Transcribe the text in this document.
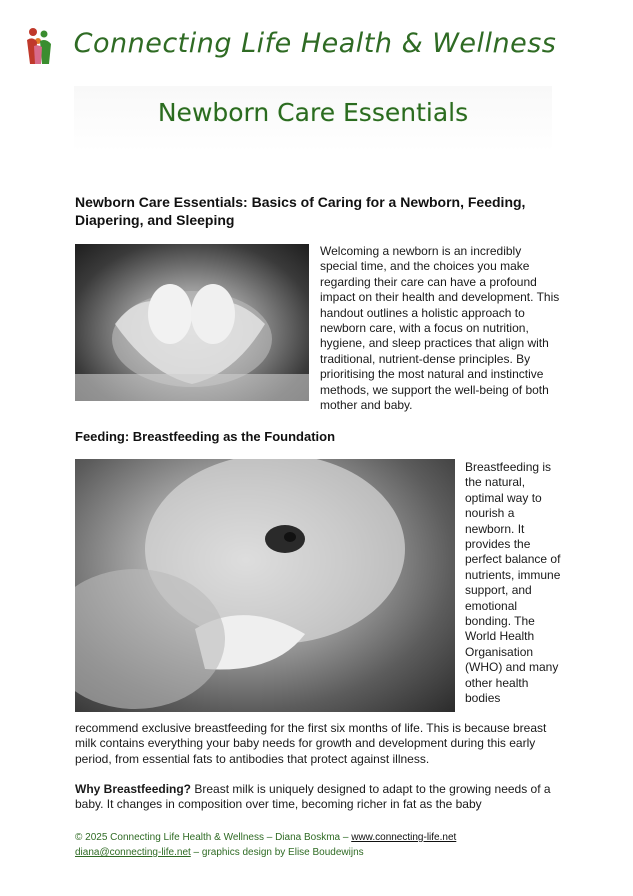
Connecting Life Health & Wellness
Newborn Care Essentials
Newborn Care Essentials: Basics of Caring for a Newborn, Feeding, Diapering, and Sleeping

Welcoming a newborn is an incredibly special time, and the choices you make regarding their care can have a profound impact on their health and development. This handout outlines a holistic approach to newborn care, with a focus on nutrition, hygiene, and sleep practices that align with traditional, nutrient-dense principles. By prioritising the most natural and instinctive methods, we support the well-being of both mother and baby.

Feeding: Breastfeeding as the Foundation

Breastfeeding is the natural, optimal way to nourish a newborn. It provides the perfect balance of nutrients, immune support, and emotional bonding. The World Health Organisation (WHO) and many other health bodies

recommend exclusive breastfeeding for the first six months of life. This is because breast milk contains everything your baby needs for growth and development during this early period, from essential fats to antibodies that protect against illness.

Why Breastfeeding? Breast milk is uniquely designed to adapt to the growing needs of a baby. It changes in composition over time, becoming richer in fat as the baby

© 2025 Connecting Life Health & Wellness – Diana Boskma – www.connecting-life.net
diana@connecting-life.net – graphics design by Elise Boudewijns
